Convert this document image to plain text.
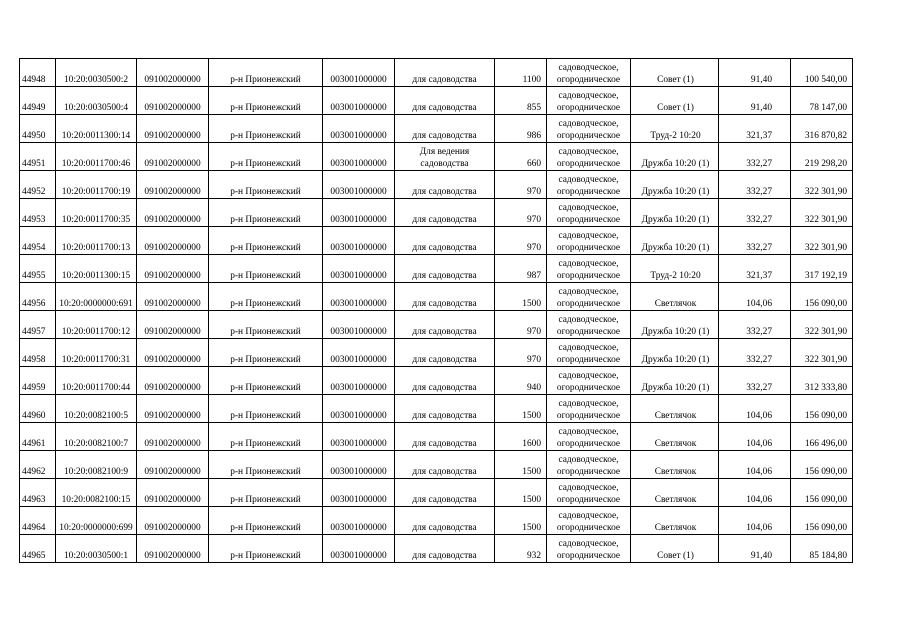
44948	10:20:0030500:2	091002000000	р-н Прионежский	003001000000	для садоводства	1100	садоводческое, огородническое	Совет (1)	91,40	100 540,00
44949	10:20:0030500:4	091002000000	р-н Прионежский	003001000000	для садоводства	855	садоводческое, огородническое	Совет (1)	91,40	78 147,00
44950	10:20:0011300:14	091002000000	р-н Прионежский	003001000000	для садоводства	986	садоводческое, огородническое	Труд-2 10:20	321,37	316 870,82
44951	10:20:0011700:46	091002000000	р-н Прионежский	003001000000	Для ведения садоводства	660	садоводческое, огородническое	Дружба 10:20 (1)	332,27	219 298,20
44952	10:20:0011700:19	091002000000	р-н Прионежский	003001000000	для садоводства	970	садоводческое, огородническое	Дружба 10:20 (1)	332,27	322 301,90
44953	10:20:0011700:35	091002000000	р-н Прионежский	003001000000	для садоводства	970	садоводческое, огородническое	Дружба 10:20 (1)	332,27	322 301,90
44954	10:20:0011700:13	091002000000	р-н Прионежский	003001000000	для садоводства	970	садоводческое, огородническое	Дружба 10:20 (1)	332,27	322 301,90
44955	10:20:0011300:15	091002000000	р-н Прионежский	003001000000	для садоводства	987	садоводческое, огородническое	Труд-2 10:20	321,37	317 192,19
44956	10:20:0000000:691	091002000000	р-н Прионежский	003001000000	для садоводства	1500	садоводческое, огородническое	Светлячок	104,06	156 090,00
44957	10:20:0011700:12	091002000000	р-н Прионежский	003001000000	для садоводства	970	садоводческое, огородническое	Дружба 10:20 (1)	332,27	322 301,90
44958	10:20:0011700:31	091002000000	р-н Прионежский	003001000000	для садоводства	970	садоводческое, огородническое	Дружба 10:20 (1)	332,27	322 301,90
44959	10:20:0011700:44	091002000000	р-н Прионежский	003001000000	для садоводства	940	садоводческое, огородническое	Дружба 10:20 (1)	332,27	312 333,80
44960	10:20:0082100:5	091002000000	р-н Прионежский	003001000000	для садоводства	1500	садоводческое, огородническое	Светлячок	104,06	156 090,00
44961	10:20:0082100:7	091002000000	р-н Прионежский	003001000000	для садоводства	1600	садоводческое, огородническое	Светлячок	104,06	166 496,00
44962	10:20:0082100:9	091002000000	р-н Прионежский	003001000000	для садоводства	1500	садоводческое, огородническое	Светлячок	104,06	156 090,00
44963	10:20:0082100:15	091002000000	р-н Прионежский	003001000000	для садоводства	1500	садоводческое, огородническое	Светлячок	104,06	156 090,00
44964	10:20:0000000:699	091002000000	р-н Прионежский	003001000000	для садоводства	1500	садоводческое, огородническое	Светлячок	104,06	156 090,00
44965	10:20:0030500:1	091002000000	р-н Прионежский	003001000000	для садоводства	932	садоводческое, огородническое	Совет (1)	91,40	85 184,80
